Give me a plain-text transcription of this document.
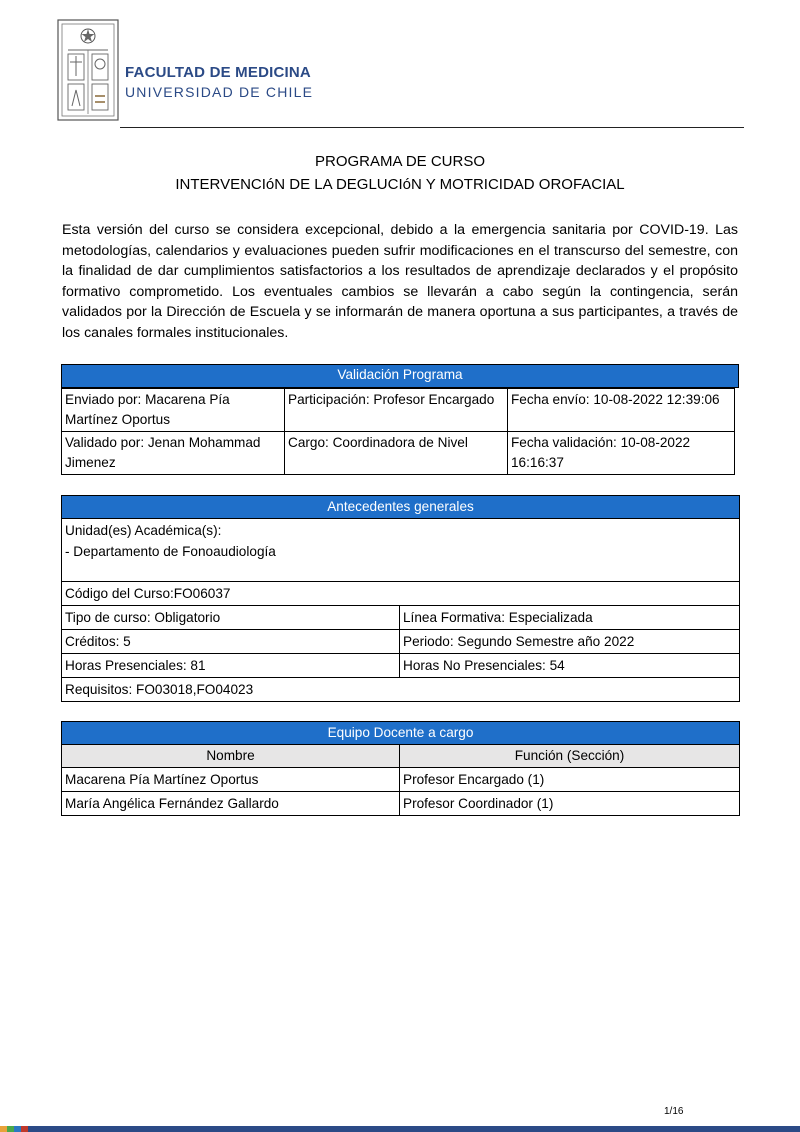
FACULTAD DE MEDICINA
UNIVERSIDAD DE CHILE
PROGRAMA DE CURSO
INTERVENCIóN DE LA DEGLUCIóN Y MOTRICIDAD OROFACIAL
Esta versión del curso se considera excepcional, debido a la emergencia sanitaria por COVID-19. Las metodologías, calendarios y evaluaciones pueden sufrir modificaciones en el transcurso del semestre, con la finalidad de dar cumplimientos satisfactorios a los resultados de aprendizaje declarados y el propósito formativo comprometido. Los eventuales cambios se llevarán a cabo según la contingencia, serán validados por la Dirección de Escuela y se informarán de manera oportuna a sus participantes, a través de los canales formales institucionales.
Validación Programa
Enviado por: Macarena Pía Martínez Oportus	Participación: Profesor Encargado	Fecha envío: 10-08-2022 12:39:06
Validado por: Jenan Mohammad Jimenez	Cargo: Coordinadora de Nivel	Fecha validación: 10-08-2022 16:16:37
Antecedentes generales	

Unidad(es) Académica(s):
- Departamento de Fonoaudiología	

Código del Curso:FO06037	
Tipo de curso: Obligatorio	Línea Formativa: Especializada
Créditos: 5	Periodo: Segundo Semestre año 2022
Horas Presenciales: 81	Horas No Presenciales: 54
Requisitos: FO03018,FO04023	
Equipo Docente a cargo	
Nombre	Función (Sección)
Macarena Pía Martínez Oportus	Profesor Encargado (1)
María Angélica Fernández Gallardo	Profesor Coordinador (1)
1/16
